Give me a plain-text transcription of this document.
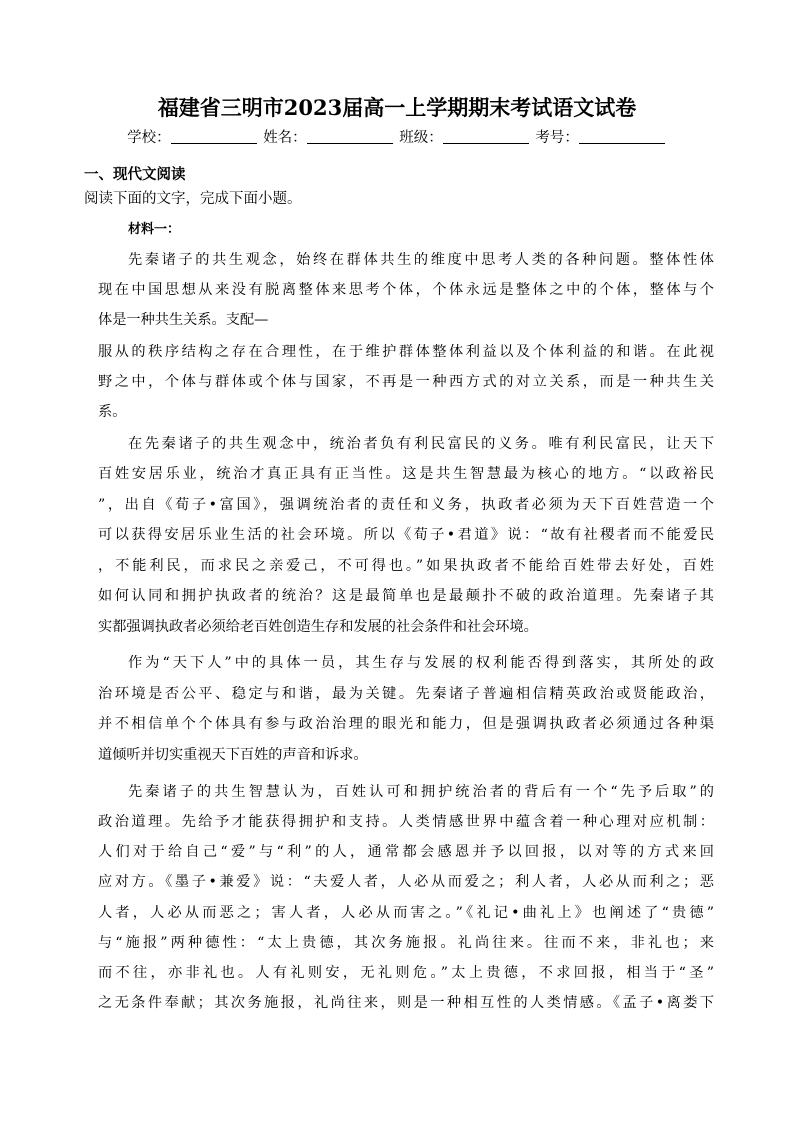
福建省三明市2023届高一上学期期末考试语文试卷
学校：	姓名：	班级：	考号：
一、现代文阅读
阅读下面的文字，完成下面小题。
材料一：
先秦诸子的共生观念，始终在群体共生的维度中思考人类的各种问题。整体性体
现在中国思想从来没有脱离整体来思考个体，个体永远是整体之中的个体，整体与个
体是一种共生关系。支配—
服从的秩序结构之存在合理性，在于维护群体整体利益以及个体利益的和谐。在此视
野之中，个体与群体或个体与国家，不再是一种西方式的对立关系，而是一种共生关
系。
在先秦诸子的共生观念中，统治者负有利民富民的义务。唯有利民富民，让天下
百姓安居乐业，统治才真正具有正当性。这是共生智慧最为核心的地方。“以政裕民
”，出自《荀子•富国》，强调统治者的责任和义务，执政者必须为天下百姓营造一个
可以获得安居乐业生活的社会环境。所以《荀子•君道》说：“故有社稷者而不能爱民
，不能利民，而求民之亲爱己，不可得也。”如果执政者不能给百姓带去好处，百姓
如何认同和拥护执政者的统治？这是最简单也是最颠扑不破的政治道理。先秦诸子其
实都强调执政者必须给老百姓创造生存和发展的社会条件和社会环境。
作为“天下人”中的具体一员，其生存与发展的权利能否得到落实，其所处的政
治环境是否公平、稳定与和谐，最为关键。先秦诸子普遍相信精英政治或贤能政治，
并不相信单个个体具有参与政治治理的眼光和能力，但是强调执政者必须通过各种渠
道倾听并切实重视天下百姓的声音和诉求。
先秦诸子的共生智慧认为，百姓认可和拥护统治者的背后有一个“先予后取”的
政治道理。先给予才能获得拥护和支持。人类情感世界中蕴含着一种心理对应机制：
人们对于给自己“爱”与“利”的人，通常都会感恩并予以回报，以对等的方式来回
应对方。《墨子•兼爱》说：“夫爱人者，人必从而爱之；利人者，人必从而利之；恶
人者，人必从而恶之；害人者，人必从而害之。”《礼记•曲礼上》也阐述了“贵德”
与“施报”两种德性：“太上贵德，其次务施报。礼尚往来。往而不来，非礼也；来
而不往，亦非礼也。人有礼则安，无礼则危。”太上贵德，不求回报，相当于“圣”
之无条件奉献；其次务施报，礼尚往来，则是一种相互性的人类情感。《孟子•离娄下
